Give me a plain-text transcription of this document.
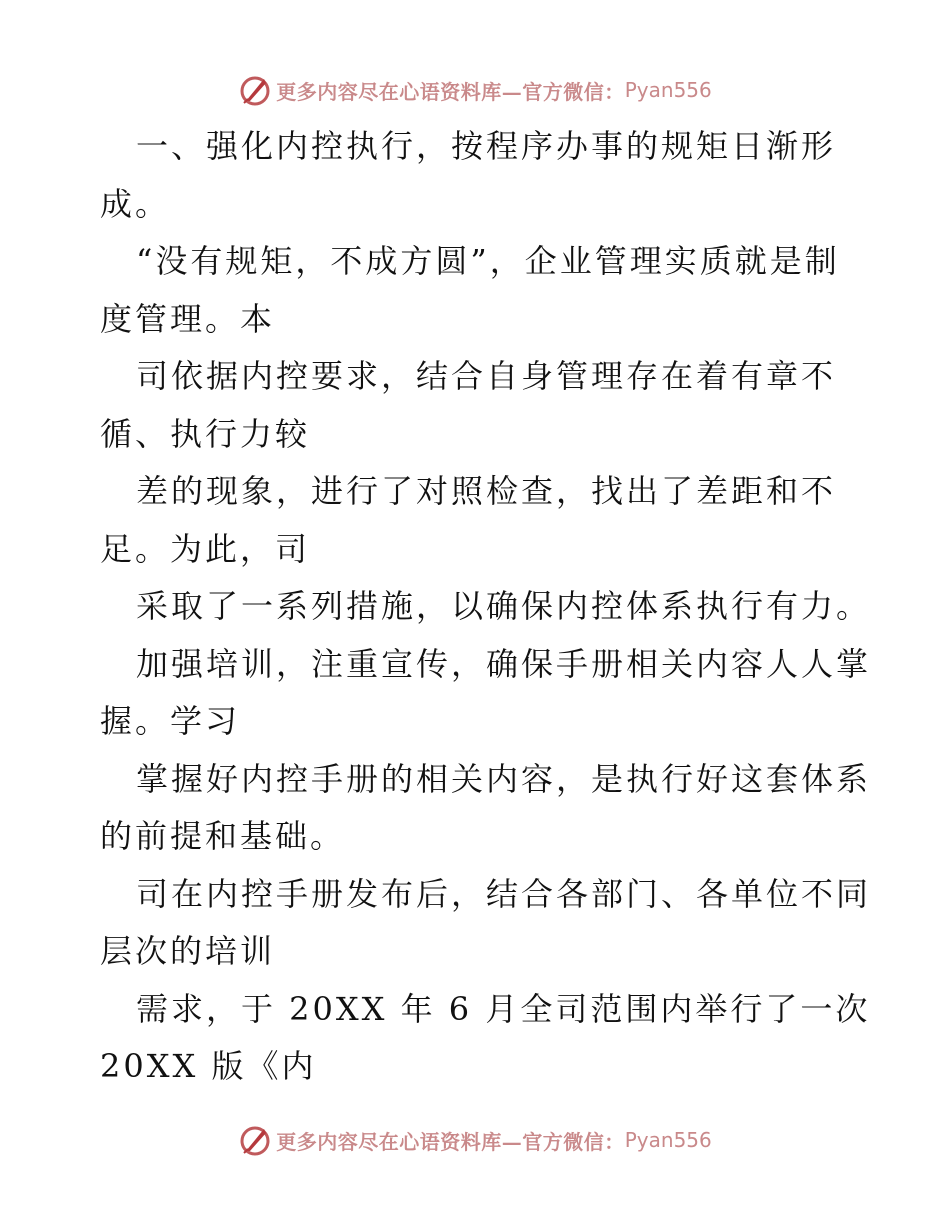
更多内容尽在心语资料库—官方微信： Pyan556
一、强化内控执行，按程序办事的规矩日渐形
成。
“没有规矩，不成方圆”，企业管理实质就是制
度管理。本
司依据内控要求，结合自身管理存在着有章不
循、执行力较
差的现象，进行了对照检查，找出了差距和不
足。为此，司
采取了一系列措施，以确保内控体系执行有力。
加强培训，注重宣传，确保手册相关内容人人掌
握。学习
掌握好内控手册的相关内容，是执行好这套体系
的前提和基础。
司在内控手册发布后，结合各部门、各单位不同
层次的培训
需求，于 20XX 年 6 月全司范围内举行了一次
20XX 版《内
更多内容尽在心语资料库—官方微信： Pyan556
